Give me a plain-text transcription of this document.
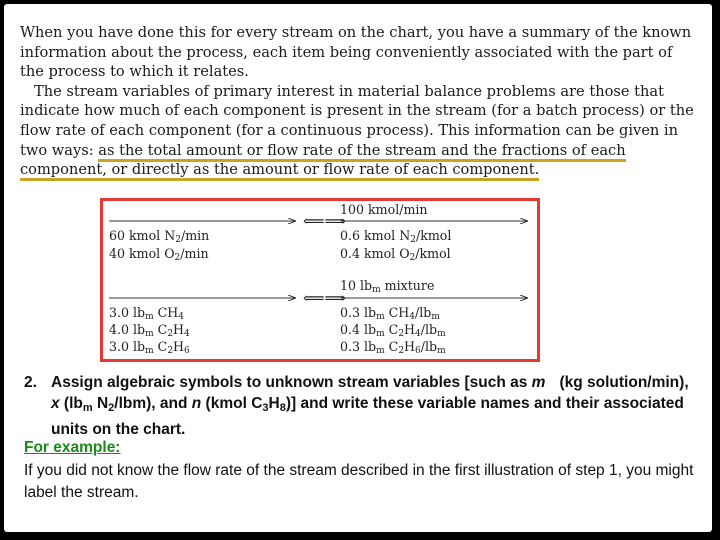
When you have done this for every stream on the chart, you have a summary of the known information about the process, each item being conveniently associated with the part of the process to which it relates.

The stream variables of primary interest in material balance problems are those that indicate how much of each component is present in the stream (for a batch process) or the flow rate of each component (for a continuous process). This information can be given in two ways: as the total amount or flow rate of the stream and the fractions of each component, or directly as the amount or flow rate of each component.

⟸⟹
⟸⟹
100 kmol/min
60 kmol $N_2/\min$
40 kmol $O_2/\min$
0.6 kmol $N_2$/kmol
0.4 kmol $O_2$/kmol
10 $lb_m$ mixture
3.0 $lb_m$ $CH_4$
4.0 $lb_m$ $C_2H_4$
3.0 $lb_m$ $C_2H_6$
0.3 $lb_m$ $CH_4/lb_m$
0.4 $lb_m$ $C_2H_4/lb_m$
0.3 $lb_m$ $C_2H_6/lb_m$
2. Assign algebraic symbols to unknown stream variables [such as m (kg solution/min), x ($lb_m$ $N_2/lbm$), and n (kmol $C_3H_8$)] and write these variable names and their associated units on the chart.
For example:
If you did not know the flow rate of the stream described in the first illustration of step 1, you might label the stream.
